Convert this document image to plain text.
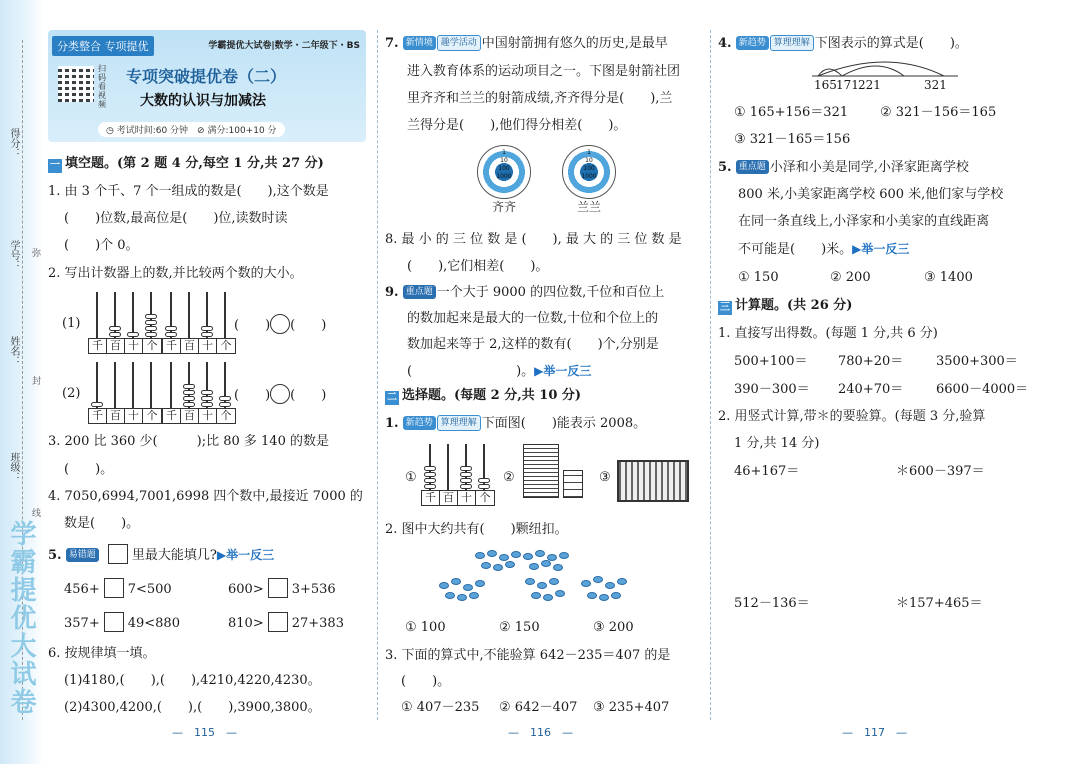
得分：
学号：
姓名：
班级：
弥
封
线
学霸提优大试卷
分类整合 专项提优	学霸提优大试卷|数学・二年级下・BS
扫码看视频
专项突破提优卷（二）
大数的认识与加减法
◷ 考试时间:60 分钟　⊘ 满分:100+10 分
一 填空题。(第 2 题 4 分,每空 1 分,共 27 分)
1. 由 3 个千、7 个一组成的数是(　　),这个数是
(　　)位数,最高位是(　　)位,读数时读
(　　)个 0。
2. 写出计数器上的数,并比较两个数的大小。
(1)
千 百 十 个 千 百 十 个
(　　) (　　)
(2)
千 百 十 个 千 百 十 个
(　　) (　　)
3. 200 比 360 少(　　　);比 80 多 140 的数是
(　　)。
4. 7050,6994,7001,6998 四个数中,最接近 7000 的
数是(　　)。
5. 易错题	里最大能填几?▶举一反三
456+ 7<500	600> 3+536
357+ 49<880	810> 27+383
6. 按规律填一填。
(1)4180,(　　),(　　),4210,4220,4230。
(2)4300,4200,(　　),(　　),3900,3800。
—　115　—
7. 新情境 趣学活动 中国射箭拥有悠久的历史,是最早
进入教育体系的运动项目之一。下图是射箭社团
里齐齐和兰兰的射箭成绩,齐齐得分是(　　),兰
兰得分是(　　),他们得分相差(　　)。
1
10
100
1000
齐齐
1
10
100
1000
兰兰
8. 最 小 的 三 位 数 是 (　　), 最 大 的 三 位 数 是
(　　),它们相差(　　)。
9. 重点题 一个大于 9000 的四位数,千位和百位上
的数加起来是最大的一位数,十位和个位上的
数加起来等于 2,这样的数有(　　)个,分别是
(　　　　　　　　)。▶举一反三
二 选择题。(每题 2 分,共 10 分)
1. 新趋势 算理理解 下面图(　　)能表示 2008。
①
千 百 十 个
②	③
2. 图中大约共有(　　)颗纽扣。
① 100	② 150	③ 200
3. 下面的算式中,不能验算 642－235＝407 的是
(　　)。
① 407－235 ② 642－407 ③ 235+407
—　116　—
4. 新趋势 算理理解 下图表示的算式是(　　)。
165 171 221	321
① 165+156＝321 ② 321－156＝165
③ 321－165＝156
5. 重点题 小泽和小美是同学,小泽家距离学校
800 米,小美家距离学校 600 米,他们家与学校
在同一条直线上,小泽家和小美家的直线距离
不可能是(　　)米。▶举一反三
① 150	② 200	③ 1400
三 计算题。(共 26 分)
1. 直接写出得数。(每题 1 分,共 6 分)
500+100＝ 780+20＝	3500+300＝
390－300＝ 240+70＝	6600－4000＝
2. 用竖式计算,带＊的要验算。(每题 3 分,验算
1 分,共 14 分)
46+167＝	＊600－397＝
512－136＝	＊157+465＝
—　117　—
